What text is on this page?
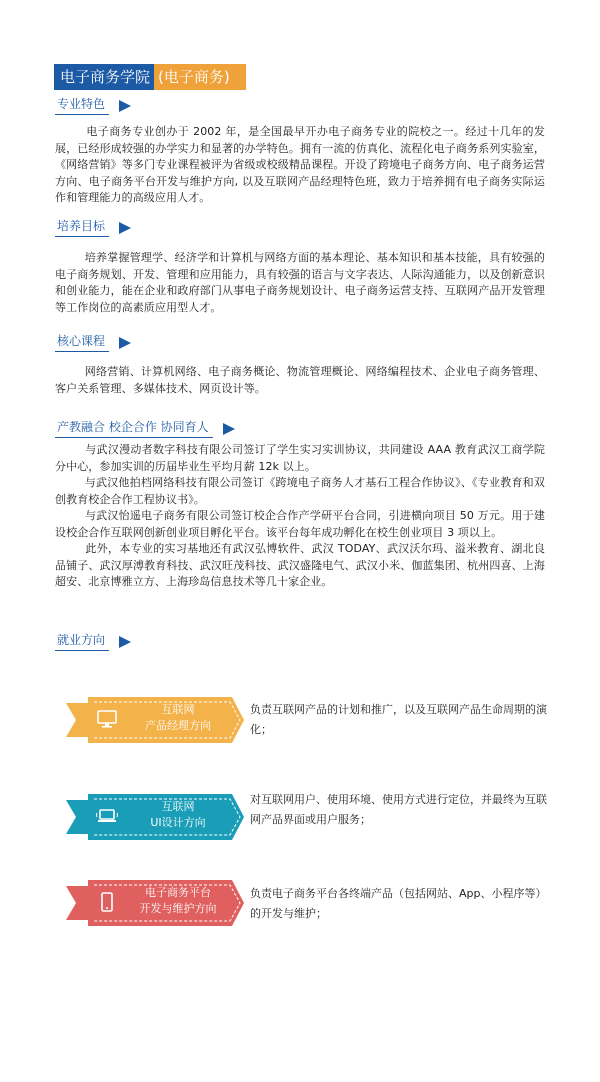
电子商务学院 (电子商务)
专业特色
电子商务专业创办于 2002 年，是全国最早开办电子商务专业的院校之一。经过十几年的发展，已经形成较强的办学实力和显著的办学特色。拥有一流的仿真化、流程化电子商务系列实验室，《网络营销》等多门专业课程被评为省级或校级精品课程。开设了跨境电子商务方向、电子商务运营方向、电子商务平台开发与维护方向, 以及互联网产品经理特色班，致力于培养拥有电子商务实际运作和管理能力的高级应用人才。
培养目标
培养掌握管理学、经济学和计算机与网络方面的基本理论、基本知识和基本技能，具有较强的电子商务规划、开发、管理和应用能力，具有较强的语言与文字表达、人际沟通能力，以及创新意识和创业能力，能在企业和政府部门从事电子商务规划设计、电子商务运营支持、互联网产品开发管理等工作岗位的高素质应用型人才。
核心课程
网络营销、计算机网络、电子商务概论、物流管理概论、网络编程技术、企业电子商务管理、客户关系管理、多媒体技术、网页设计等。
产教融合 校企合作 协同育人
与武汉漫动者数字科技有限公司签订了学生实习实训协议，共同建设 AAA 教育武汉工商学院分中心，参加实训的历届毕业生平均月薪 12k 以上。
与武汉他拍档网络科技有限公司签订《跨境电子商务人才基石工程合作协议》、《专业教育和双创教育校企合作工程协议书》。
与武汉怡遥电子商务有限公司签订校企合作产学研平台合同，引进横向项目 50 万元。用于建设校企合作互联网创新创业项目孵化平台。该平台每年成功孵化在校生创业项目 3 项以上。
此外，本专业的实习基地还有武汉弘博软件、武汉 TODAY、武汉沃尔玛、溢米教育、湖北良品铺子、武汉厚溥教育科技、武汉旺茂科技、武汉盛隆电气、武汉小米、伽蓝集团、杭州四喜、上海超安、北京博雅立方、上海珍岛信息技术等几十家企业。
就业方向
互联网
产品经理方向
负责互联网产品的计划和推广，以及互联网产品生命周期的演化；
互联网
UI设计方向
对互联网用户、使用环境、使用方式进行定位，并最终为互联网产品界面或用户服务；
电子商务平台
开发与维护方向
负责电子商务平台各终端产品（包括网站、App、小程序等）的开发与维护；
